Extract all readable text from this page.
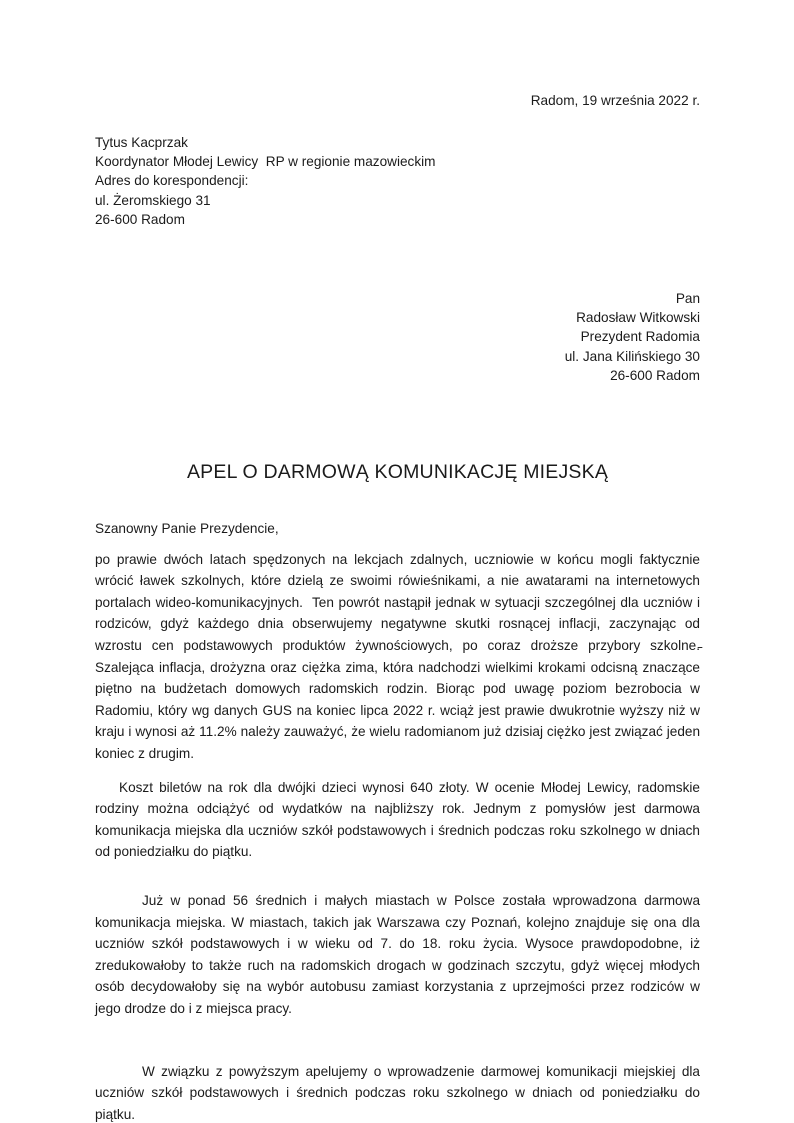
Radom, 19 września 2022 r.
Tytus Kacprzak
Koordynator Młodej Lewicy  RP w regionie mazowieckim
Adres do korespondencji:
ul. Żeromskiego 31
26-600 Radom
Pan
Radosław Witkowski
Prezydent Radomia
ul. Jana Kilińskiego 30
26-600 Radom
APEL O DARMOWĄ KOMUNIKACJĘ MIEJSKĄ

Szanowny Panie Prezydencie,

po prawie dwóch latach spędzonych na lekcjach zdalnych, uczniowie w końcu mogli faktycznie wrócić ławek szkolnych, które dzielą ze swoimi rówieśnikami, a nie awatarami na internetowych portalach wideo-komunikacyjnych.  Ten powrót nastąpił jednak w sytuacji szczególnej dla uczniów i rodziców, gdyż każdego dnia obserwujemy negatywne skutki rosnącej inflacji, zaczynając od wzrostu cen podstawowych produktów żywnościowych, po coraz droższe przybory szkolne.̵ Szalejąca inflacja, drożyzna oraz ciężka zima, która nadchodzi wielkimi krokami odcisną znaczące piętno na budżetach domowych radomskich rodzin. Biorąc pod uwagę poziom bezrobocia w Radomiu, który wg danych GUS na koniec lipca 2022 r. wciąż jest prawie dwukrotnie wyższy niż w kraju i wynosi aż 11.2% należy zauważyć, że wielu radomianom już dzisiaj ciężko jest związać jeden koniec z drugim.

Koszt biletów na rok dla dwójki dzieci wynosi 640 złoty. W ocenie Młodej Lewicy, radomskie rodziny można odciążyć od wydatków na najbliższy rok. Jednym z pomysłów jest darmowa komunikacja miejska dla uczniów szkół podstawowych i średnich podczas roku szkolnego w dniach od poniedziałku do piątku.

Już w ponad 56 średnich i małych miastach w Polsce została wprowadzona darmowa komunikacja miejska. W miastach, takich jak Warszawa czy Poznań, kolejno znajduje się ona dla uczniów szkół podstawowych i w wieku od 7. do 18. roku życia. Wysoce prawdopodobne, iż zredukowałoby to także ruch na radomskich drogach w godzinach szczytu, gdyż więcej młodych osób decydowałoby się na wybór autobusu zamiast korzystania z uprzejmości przez rodziców w jego drodze do i z miejsca pracy.

W związku z powyższym apelujemy o wprowadzenie darmowej komunikacji miejskiej dla uczniów szkół podstawowych i średnich podczas roku szkolnego w dniach od poniedziałku do piątku.
